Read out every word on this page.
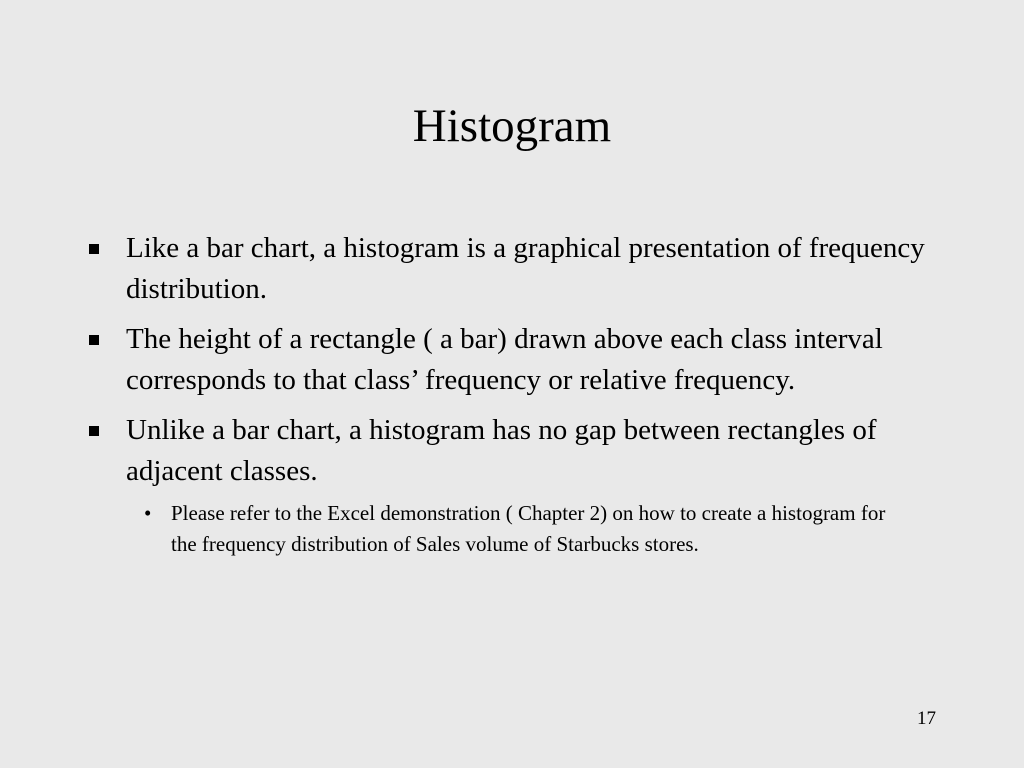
Histogram
Like a bar chart, a histogram is a graphical presentation of frequency distribution.
The height of a rectangle ( a bar) drawn above each class interval corresponds to that class’ frequency or relative frequency.
Unlike a bar chart, a histogram has no gap between rectangles of adjacent classes.
• Please refer to the Excel demonstration ( Chapter 2) on how to create a histogram for the frequency distribution of Sales volume of Starbucks stores.
17
